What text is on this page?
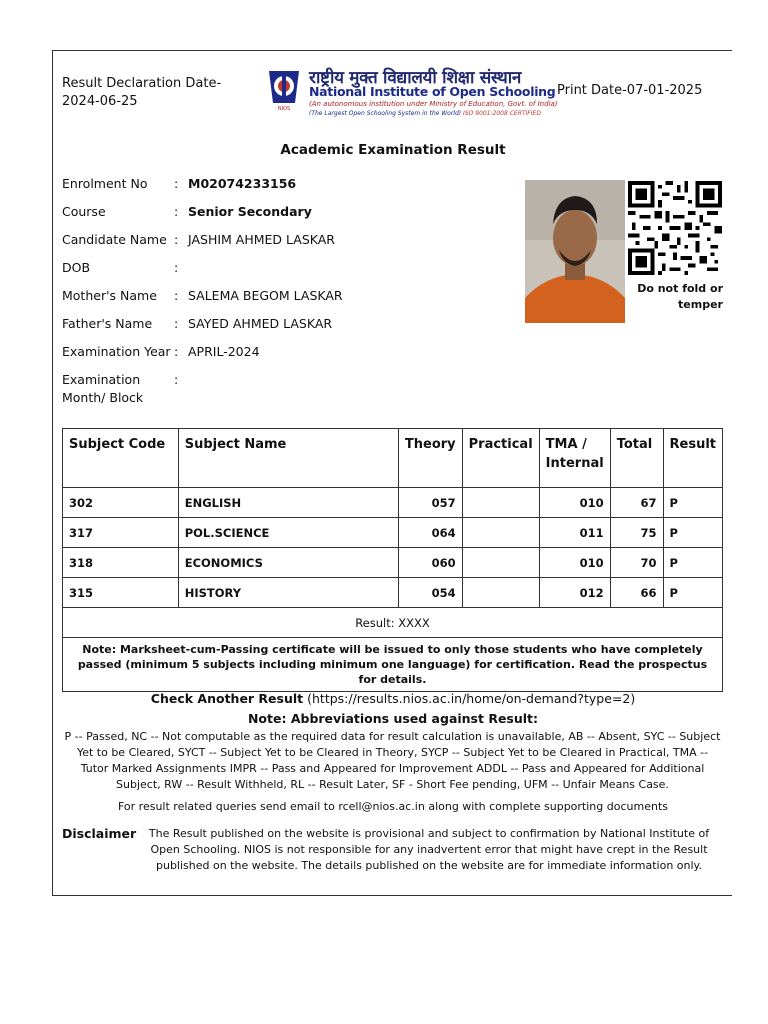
Result Declaration Date-2024-06-25	NIOS
राष्ट्रीय मुक्त विद्यालयी शिक्षा संस्थान
National Institute of Open Schooling
(An autonomous institution under Ministry of Education, Govt. of India)
(The Largest Open Schooling System in the World) ISO 9001:2008 CERTIFIED
Print Date-07-01-2025
Academic Examination Result
Enrolment No	: M02074233156
Course	: Senior Secondary
Candidate Name : JASHIM AHMED LASKAR
DOB	:
Mother's Name	: SALEMA BEGOM LASKAR
Father's Name	: SAYED AHMED LASKAR
Examination Year : APRIL-2024
Examination Month/ Block
:
Do not fold or temper
Subject Code	Subject Name	Theory	Practical	TMA / Internal	Total	Result
302	ENGLISH	057		010	67	P
317	POL.SCIENCE	064		011	75	P
318	ECONOMICS	060		010	70	P
315	HISTORY	054		012	66	P
Result: XXXX						
Note: Marksheet-cum-Passing certificate will be issued to only those students who have completely passed (minimum 5 subjects including minimum one language) for certification. Read the prospectus for details.						
Check Another Result (https://results.nios.ac.in/home/on-demand?type=2)
Note: Abbreviations used against Result:
P -- Passed, NC -- Not computable as the required data for result calculation is unavailable, AB -- Absent, SYC -- Subject Yet to be Cleared, SYCT -- Subject Yet to be Cleared in Theory, SYCP -- Subject Yet to be Cleared in Practical, TMA -- Tutor Marked Assignments IMPR -- Pass and Appeared for Improvement ADDL -- Pass and Appeared for Additional Subject, RW -- Result Withheld, RL -- Result Later, SF - Short Fee pending, UFM -- Unfair Means Case.
For result related queries send email to rcell@nios.ac.in along with complete supporting documents
Disclaimer	The Result published on the website is provisional and subject to confirmation by National Institute of Open Schooling. NIOS is not responsible for any inadvertent error that might have crept in the Result published on the website. The details published on the website are for immediate information only.
